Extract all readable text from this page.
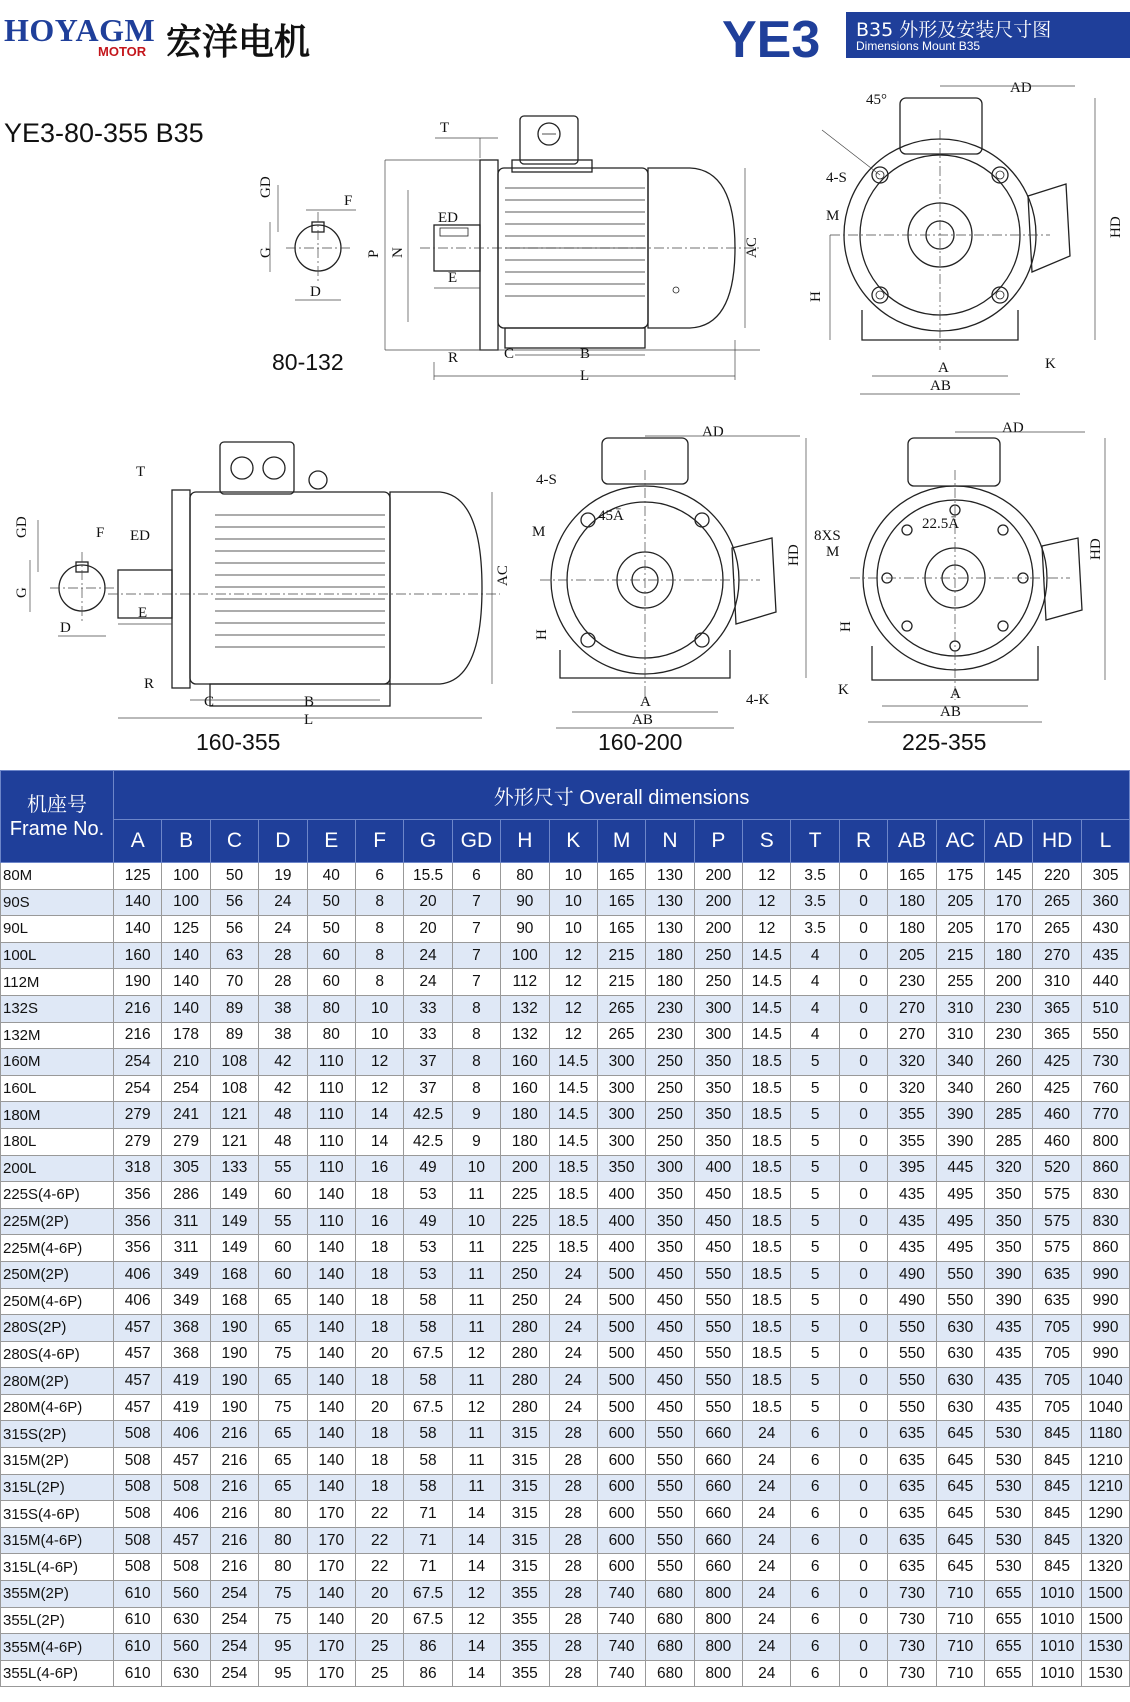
HOYAGM
MOTOR 宏洋电机	YE3 B35 外形及安装尺寸图
Dimensions Mount B35
YE3-80-355 B35
GD
F
G
D
P N
T
ED
E
AC
R	C	B
L
80-132
45°
4-S
M
H
AD
HD
A
AB
K
GD	F
G
D
T
ED
E
AC
R
C	B
L
160-355
4-S
45Ā
M
H
AD
HD
A
AB
4-K
160-200
8XS
22.5Ā
M
H
AD
HD
A
AB
K
225-355
机座号
Frame No.	外形尺寸 Overall dimensions																				
	A	B	C	D	E	F	G	GD	H	K	M	N	P	S	T	R	AB	AC	AD	HD	L
80M	125	100	50	19	40	6	15.5	6	80	10	165	130	200	12	3.5	0	165	175	145	220	305
90S	140	100	56	24	50	8	20	7	90	10	165	130	200	12	3.5	0	180	205	170	265	360
90L	140	125	56	24	50	8	20	7	90	10	165	130	200	12	3.5	0	180	205	170	265	430
100L	160	140	63	28	60	8	24	7	100	12	215	180	250	14.5	4	0	205	215	180	270	435
112M	190	140	70	28	60	8	24	7	112	12	215	180	250	14.5	4	0	230	255	200	310	440
132S	216	140	89	38	80	10	33	8	132	12	265	230	300	14.5	4	0	270	310	230	365	510
132M	216	178	89	38	80	10	33	8	132	12	265	230	300	14.5	4	0	270	310	230	365	550
160M	254	210	108	42	110	12	37	8	160	14.5	300	250	350	18.5	5	0	320	340	260	425	730
160L	254	254	108	42	110	12	37	8	160	14.5	300	250	350	18.5	5	0	320	340	260	425	760
180M	279	241	121	48	110	14	42.5	9	180	14.5	300	250	350	18.5	5	0	355	390	285	460	770
180L	279	279	121	48	110	14	42.5	9	180	14.5	300	250	350	18.5	5	0	355	390	285	460	800
200L	318	305	133	55	110	16	49	10	200	18.5	350	300	400	18.5	5	0	395	445	320	520	860
225S(4-6P)	356	286	149	60	140	18	53	11	225	18.5	400	350	450	18.5	5	0	435	495	350	575	830
225M(2P)	356	311	149	55	110	16	49	10	225	18.5	400	350	450	18.5	5	0	435	495	350	575	830
225M(4-6P)	356	311	149	60	140	18	53	11	225	18.5	400	350	450	18.5	5	0	435	495	350	575	860
250M(2P)	406	349	168	60	140	18	53	11	250	24	500	450	550	18.5	5	0	490	550	390	635	990
250M(4-6P)	406	349	168	65	140	18	58	11	250	24	500	450	550	18.5	5	0	490	550	390	635	990
280S(2P)	457	368	190	65	140	18	58	11	280	24	500	450	550	18.5	5	0	550	630	435	705	990
280S(4-6P)	457	368	190	75	140	20	67.5	12	280	24	500	450	550	18.5	5	0	550	630	435	705	990
280M(2P)	457	419	190	65	140	18	58	11	280	24	500	450	550	18.5	5	0	550	630	435	705	1040
280M(4-6P)	457	419	190	75	140	20	67.5	12	280	24	500	450	550	18.5	5	0	550	630	435	705	1040
315S(2P)	508	406	216	65	140	18	58	11	315	28	600	550	660	24	6	0	635	645	530	845	1180
315M(2P)	508	457	216	65	140	18	58	11	315	28	600	550	660	24	6	0	635	645	530	845	1210
315L(2P)	508	508	216	65	140	18	58	11	315	28	600	550	660	24	6	0	635	645	530	845	1210
315S(4-6P)	508	406	216	80	170	22	71	14	315	28	600	550	660	24	6	0	635	645	530	845	1290
315M(4-6P)	508	457	216	80	170	22	71	14	315	28	600	550	660	24	6	0	635	645	530	845	1320
315L(4-6P)	508	508	216	80	170	22	71	14	315	28	600	550	660	24	6	0	635	645	530	845	1320
355M(2P)	610	560	254	75	140	20	67.5	12	355	28	740	680	800	24	6	0	730	710	655	1010	1500
355L(2P)	610	630	254	75	140	20	67.5	12	355	28	740	680	800	24	6	0	730	710	655	1010	1500
355M(4-6P)	610	560	254	95	170	25	86	14	355	28	740	680	800	24	6	0	730	710	655	1010	1530
355L(4-6P)	610	630	254	95	170	25	86	14	355	28	740	680	800	24	6	0	730	710	655	1010	1530
